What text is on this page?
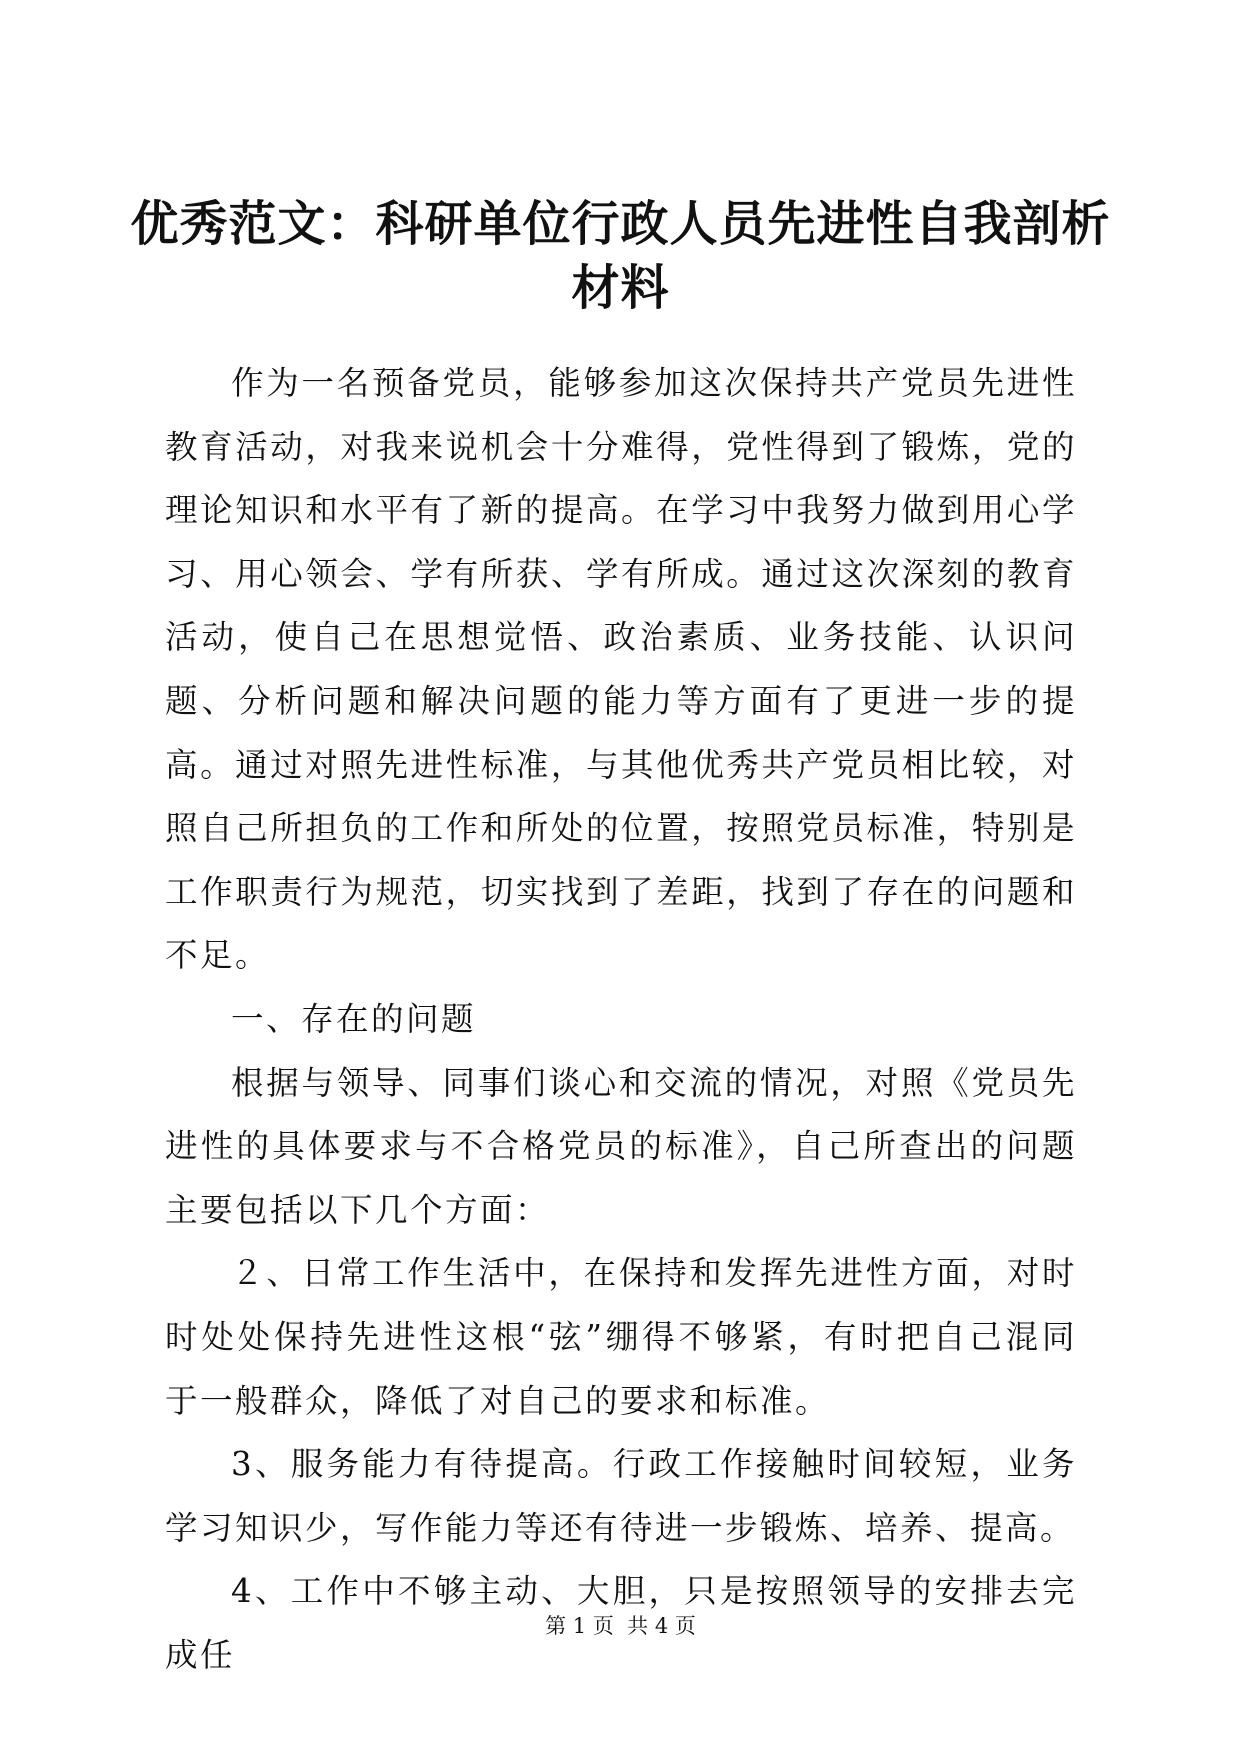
优秀范文：科研单位行政人员先进性自我剖析
材料

作为一名预备党员，能够参加这次保持共产党员先进性教育活动，对我来说机会十分难得，党性得到了锻炼，党的理论知识和水平有了新的提高。在学习中我努力做到用心学习、用心领会、学有所获、学有所成。通过这次深刻的教育活动，使自己在思想觉悟、政治素质、业务技能、认识问题、分析问题和解决问题的能力等方面有了更进一步的提高。通过对照先进性标准，与其他优秀共产党员相比较，对照自己所担负的工作和所处的位置，按照党员标准，特别是工作职责行为规范，切实找到了差距，找到了存在的问题和不足。

一、存在的问题

根据与领导、同事们谈心和交流的情况，对照《党员先进性的具体要求与不合格党员的标准》，自己所查出的问题主要包括以下几个方面：

２、日常工作生活中，在保持和发挥先进性方面，对时时处处保持先进性这根“弦”绷得不够紧，有时把自己混同于一般群众，降低了对自己的要求和标准。

3、服务能力有待提高。行政工作接触时间较短，业务学习知识少，写作能力等还有待进一步锻炼、培养、提高。

4、工作中不够主动、大胆，只是按照领导的安排去完成任

第 1 页  共 4 页
